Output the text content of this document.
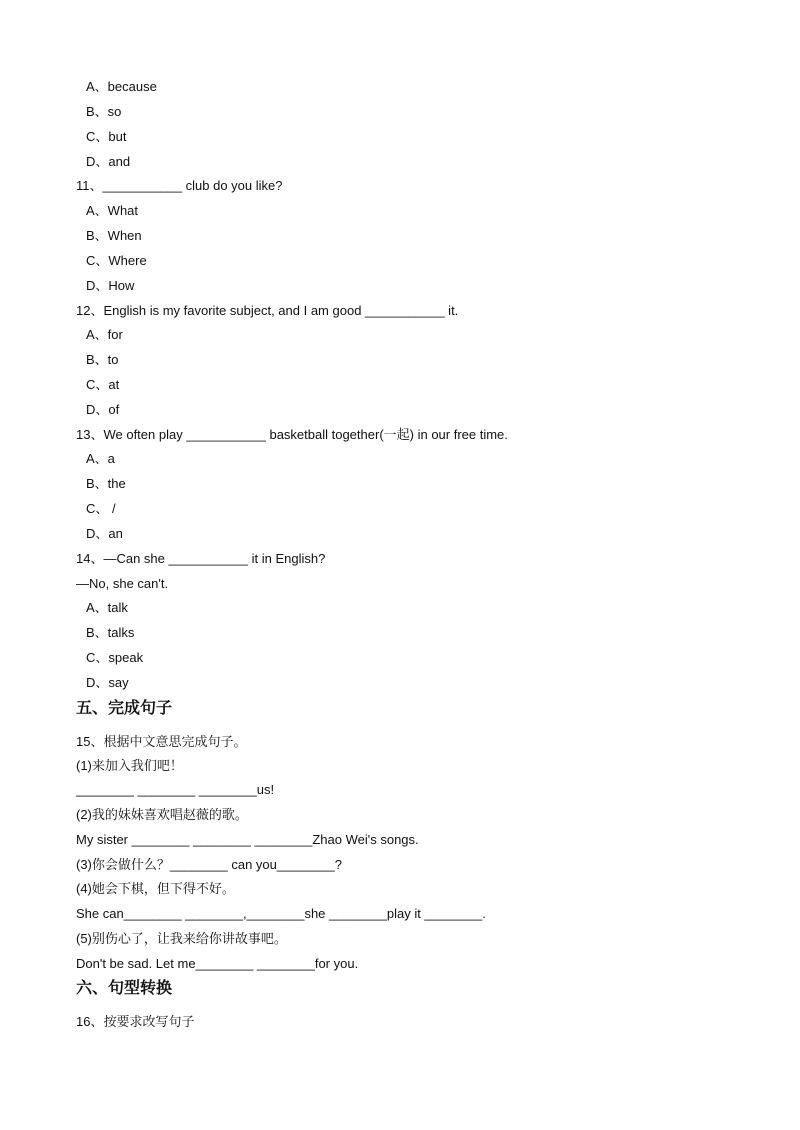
A、because
B、so
C、but
D、and
11、___________ club do you like?
A、What
B、When
C、Where
D、How
12、English is my favorite subject, and I am good ___________ it.
A、for
B、to
C、at
D、of
13、We often play ___________ basketball together(一起) in our free time.
A、a
B、the
C、 /
D、an
14、—Can she ___________ it in English?
—No, she can't.
A、talk
B、talks
C、speak
D、say
五、完成句子
15、根据中文意思完成句子。
(1)来加入我们吧！
________ ________ ________us!
(2)我的妹妹喜欢唱赵薇的歌。
My sister ________ ________ ________Zhao Wei's songs.
(3)你会做什么？________ can you________?
(4)她会下棋，但下得不好。
She can________ ________,________she ________play it ________.
(5)别伤心了，让我来给你讲故事吧。
Don't be sad. Let me________ ________for you.
六、句型转换
16、按要求改写句子
